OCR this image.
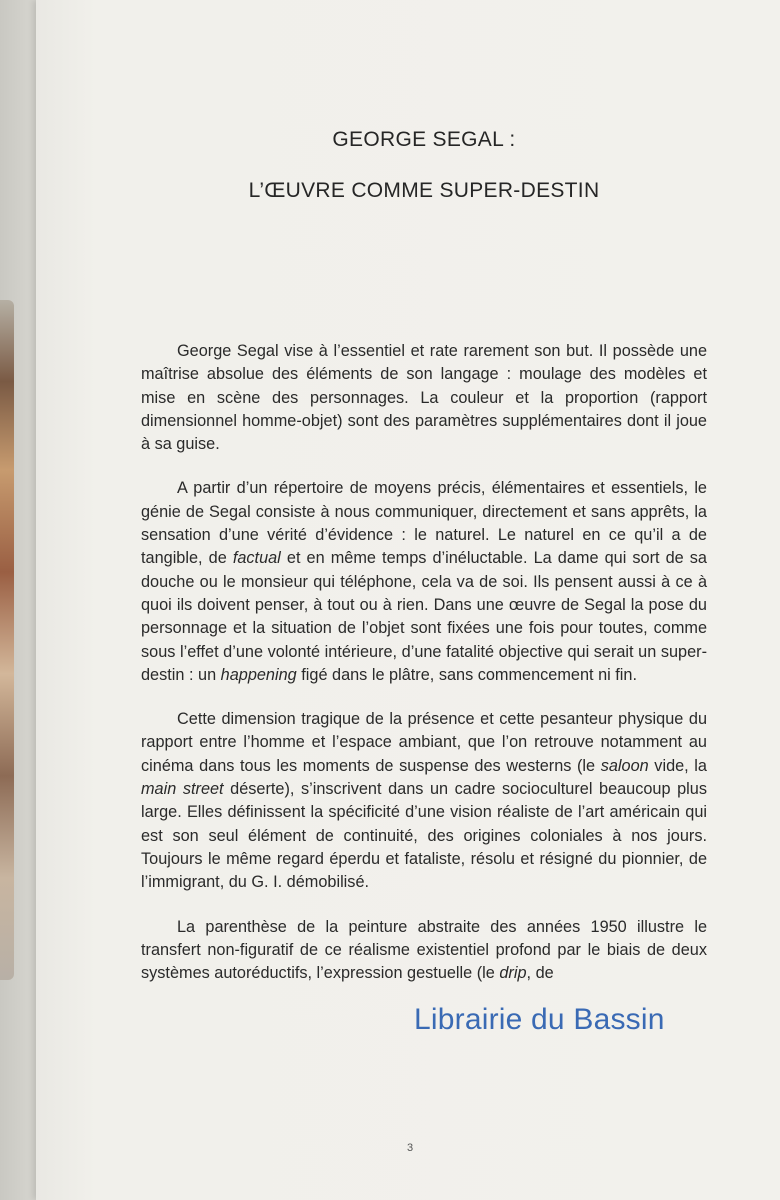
GEORGE SEGAL :
L’ŒUVRE COMME SUPER-DESTIN

George Segal vise à l’essentiel et rate rarement son but. Il possède une maîtrise absolue des éléments de son langage : moulage des modèles et mise en scène des personnages. La couleur et la proportion (rapport dimensionnel homme-objet) sont des paramètres supplémentaires dont il joue à sa guise.

A partir d’un répertoire de moyens précis, élémentaires et essentiels, le génie de Segal consiste à nous communiquer, directement et sans apprêts, la sensation d’une vérité d’évidence : le naturel. Le naturel en ce qu’il a de tangible, de factual et en même temps d’inéluctable. La dame qui sort de sa douche ou le monsieur qui téléphone, cela va de soi. Ils pensent aussi à ce à quoi ils doivent penser, à tout ou à rien. Dans une œuvre de Segal la pose du personnage et la situation de l’objet sont fixées une fois pour toutes, comme sous l’effet d’une volonté intérieure, d’une fatalité objective qui serait un super-destin : un happening figé dans le plâtre, sans commencement ni fin.

Cette dimension tragique de la présence et cette pesanteur physique du rapport entre l’homme et l’espace ambiant, que l’on retrouve notamment au cinéma dans tous les moments de suspense des westerns (le saloon vide, la main street déserte), s’inscrivent dans un cadre socioculturel beaucoup plus large. Elles définissent la spécificité d’une vision réaliste de l’art américain qui est son seul élément de continuité, des origines coloniales à nos jours. Toujours le même regard éperdu et fataliste, résolu et résigné du pionnier, de l’immigrant, du G. I. démobilisé.

La parenthèse de la peinture abstraite des années 1950 illustre le transfert non-figuratif de ce réalisme existentiel profond par le biais de deux systèmes autoréductifs, l’expression gestuelle (le drip, de

3
Librairie du Bassin
